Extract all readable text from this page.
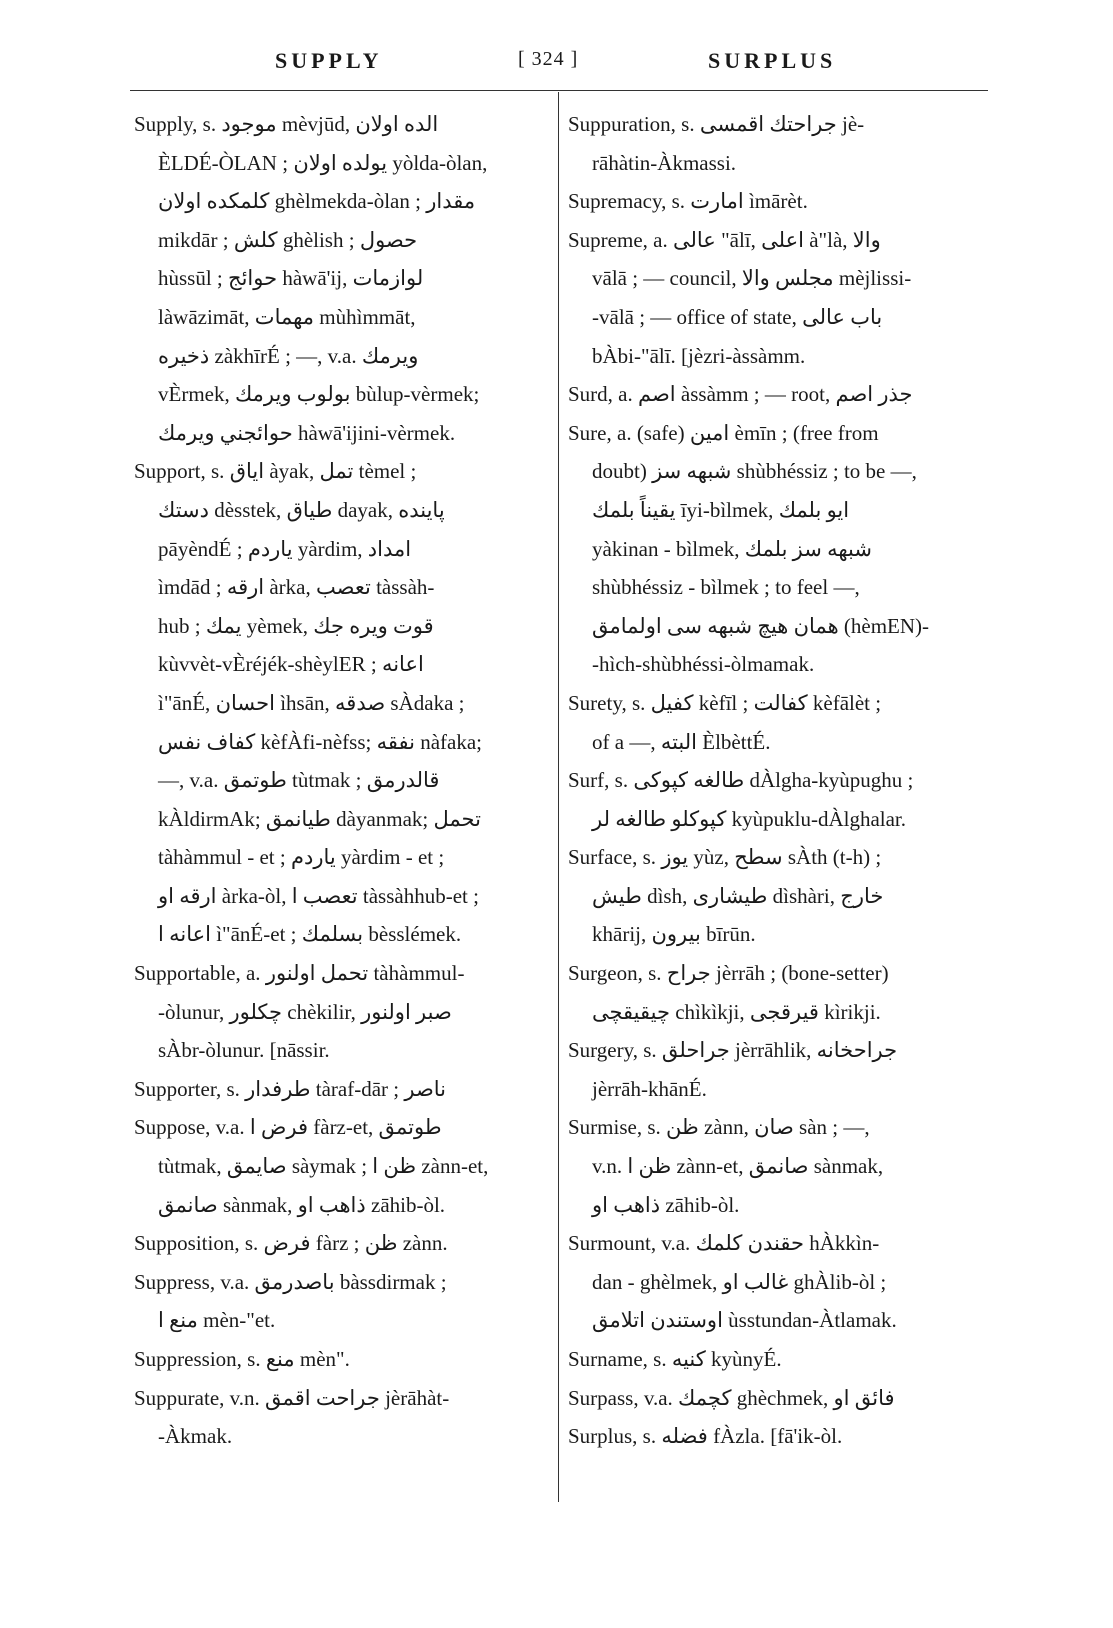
SUPPLY	[ 324 ]	SURPLUS
Supply, s. موجود mèvjūd, الده اولان
ÈLDÉ-ÒLAN ; يولده اولان yòlda-òlan,
كلمكده اولان ghèlmekda-òlan ; مقدار
mikdār ; كلش ghèlish ; حصول
hùssūl ; حوائج hàwā'ij, لوازمات
làwāzimāt, مهمات mùhìmmāt,
ذخيره zàkhīrÉ ; —, v.a. ويرمك
vÈrmek, بولوب ويرمك bùlup-vèrmek;
حوائجني ويرمك hàwā'ijini-vèrmek.
Support, s. اياق àyak, تمل tèmel ;
دستك dèsstek, طياق dayak, پاينده
pāyèndÉ ; ياردم yàrdim, امداد
ìmdād ; ارقه àrka, تعصب tàssàh-
hub ; يمك yèmek, قوت ويره جك
kùvvèt-vÈréjék-shèylER ; اعانه
ì"ānÉ, احسان ìhsān, صدقه sÀdaka ;
كفاف نفس kèfÀfi-nèfss; نفقه nàfaka;
—, v.a. طوتمق tùtmak ; قالدرمق
kÀldirmAk; طيانمق dàyanmak; تحمل
tàhàmmul - et ; ياردم yàrdim - et ;
ارقه او àrka-òl, تعصب ا tàssàhhub-et ;
اعانه ا ì"ānÉ-et ; بسلمك bèsslémek.
Supportable, a. تحمل اولنور tàhàmmul-
-òlunur, چكلور chèkilir, صبر اولنور
sÀbr-òlunur. [nāssir.
Supporter, s. طرفدار tàraf-dār ; ناصر
Suppose, v.a. فرض ا fàrz-et, طوتمق
tùtmak, صايمق sàymak ; ظن ا zànn-et,
صانمق sànmak, ذاهب او zāhib-òl.
Supposition, s. فرض fàrz ; ظن zànn.
Suppress, v.a. باصدرمق bàssdirmak ;
منع ا mèn-"et.
Suppression, s. منع mèn".
Suppurate, v.n. جراحت اقمق jèrāhàt-
-Àkmak.
Suppuration, s. جراحتك اقمسى jè-
rāhàtin-Àkmassi.
Supremacy, s. امارت ìmārèt.
Supreme, a. عالى "ālī, اعلى à"là, والا
vālā ; — council, مجلس والا mèjlissi-
-vālā ; — office of state, باب عالى
bÀbi-"ālī. [jèzri-àssàmm.
Surd, a. اصم àssàmm ; — root, جذر اصم
Sure, a. (safe) امين èmīn ; (free from
doubt) شبهه سز shùbhéssiz ; to be —,
يقيناً بلمك īyi-bìlmek, ايو بلمك
yàkinan - bìlmek, شبهه سز بلمك
shùbhéssiz - bìlmek ; to feel —,
همان هيچ شبهه سى اولمامق (hèmEN)-
-hìch-shùbhéssi-òlmamak.
Surety, s. كفيل kèfīl ; كفالت kèfālèt ;
of a —, البته ÈlbèttÉ.
Surf, s. طالغه كپوكى dÀlgha-kyùpughu ;
كپوكلو طالغه لر kyùpuklu-dÀlghalar.
Surface, s. يوز yùz, سطح sÀth (t-h) ;
طيش dìsh, طيشارى dìshàri, خارج
khārij, بيرون bīrūn.
Surgeon, s. جراح jèrrāh ; (bone-setter)
چيقيقچى chìkìkji, قيرقجى kìrikji.
Surgery, s. جراحلق jèrrāhlik, جراحخانه
jèrrāh-khānÉ.
Surmise, s. ظن zànn, صان sàn ; —,
v.n. ظن ا zànn-et, صانمق sànmak,
ذاهب او zāhib-òl.
Surmount, v.a. حقندن كلمك hÀkkìn-
dan - ghèlmek, غالب او ghÀlib-òl ;
اوستندن اتلامق ùsstundan-Àtlamak.
Surname, s. كنيه kyùnyÉ.
Surpass, v.a. كچمك ghèchmek, فائق او
Surplus, s. فضله fÀzla. [fā'ik-òl.
